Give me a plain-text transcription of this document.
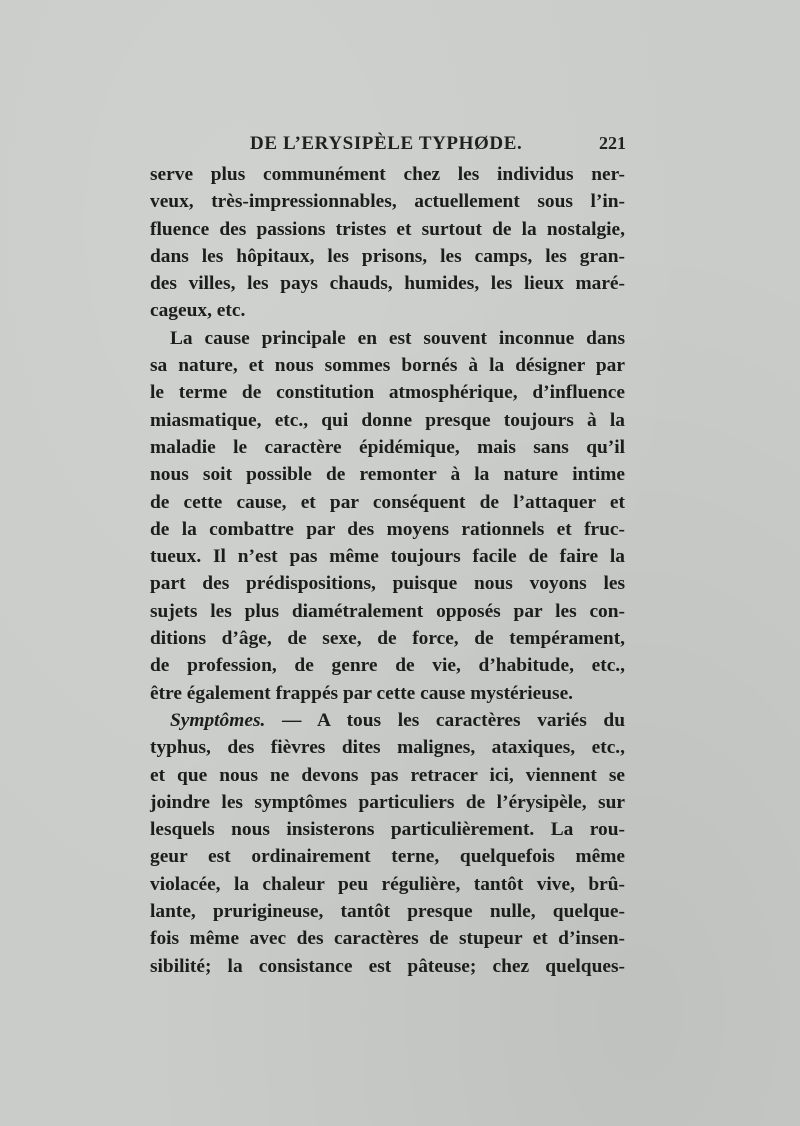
DE L’ERYSIPÈLE TYPHØDE.	221
serve plus communément chez les individus ner-
veux, très-impressionnables, actuellement sous l’in-
fluence des passions tristes et surtout de la nostalgie,
dans les hôpitaux, les prisons, les camps, les gran-
des villes, les pays chauds, humides, les lieux maré-
cageux, etc.
La cause principale en est souvent inconnue dans
sa nature, et nous sommes bornés à la désigner par
le terme de constitution atmosphérique, d’influence
miasmatique, etc., qui donne presque toujours à la
maladie le caractère épidémique, mais sans qu’il
nous soit possible de remonter à la nature intime
de cette cause, et par conséquent de l’attaquer et
de la combattre par des moyens rationnels et fruc-
tueux. Il n’est pas même toujours facile de faire la
part des prédispositions, puisque nous voyons les
sujets les plus diamétralement opposés par les con-
ditions d’âge, de sexe, de force, de tempérament,
de profession, de genre de vie, d’habitude, etc.,
être également frappés par cette cause mystérieuse.
Symptômes. — A tous les caractères variés du
typhus, des fièvres dites malignes, ataxiques, etc.,
et que nous ne devons pas retracer ici, viennent se
joindre les symptômes particuliers de l’érysipèle, sur
lesquels nous insisterons particulièrement. La rou-
geur est ordinairement terne, quelquefois même
violacée, la chaleur peu régulière, tantôt vive, brû-
lante, prurigineuse, tantôt presque nulle, quelque-
fois même avec des caractères de stupeur et d’insen-
sibilité; la consistance est pâteuse; chez quelques-
